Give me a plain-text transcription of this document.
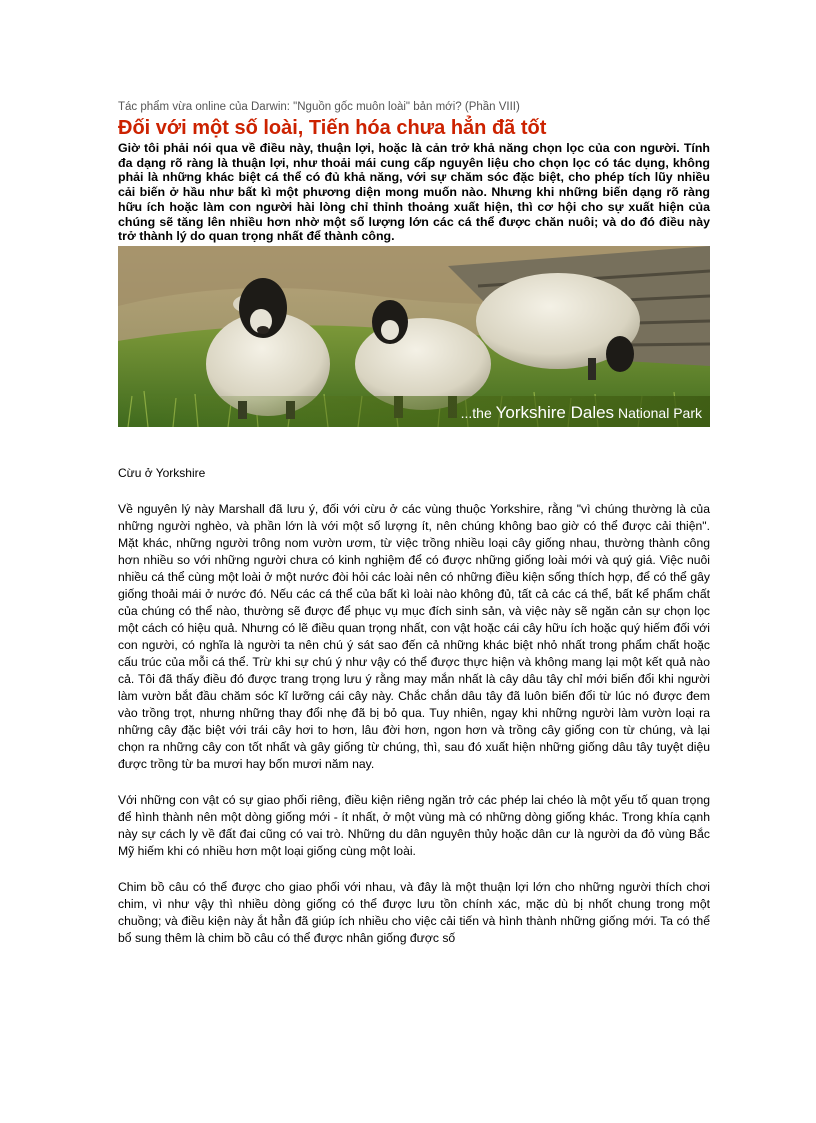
Tác phẩm vừa online của Darwin: "Nguồn gốc muôn loài" bản mới? (Phần VIII)
Đối với một số loài, Tiến hóa chưa hẳn đã tốt
Giờ tôi phải nói qua về điều này, thuận lợi, hoặc là cản trở khả năng chọn lọc của con người. Tính đa dạng rõ ràng là thuận lợi, như thoải mái cung cấp nguyên liệu cho chọn lọc có tác dụng, không phải là những khác biệt cá thể có đủ khả năng, với sự chăm sóc đặc biệt, cho phép tích lũy nhiều cải biến ở hầu như bất kì một phương diện mong muốn nào. Nhưng khi những biến dạng rõ ràng hữu ích hoặc làm con người hài lòng chỉ thỉnh thoảng xuất hiện, thì cơ hội cho sự xuất hiện của chúng sẽ tăng lên nhiều hơn nhờ một số lượng lớn các cá thể được chăn nuôi; và do đó điều này trở thành lý do quan trọng nhất để thành công.
...the Yorkshire Dales National Park
Cừu ở Yorkshire
Về nguyên lý này Marshall đã lưu ý, đối với cừu ở các vùng thuộc Yorkshire, rằng "vì chúng thường là của những người nghèo, và phần lớn là với một số lượng ít, nên chúng không bao giờ có thể được cải thiện". Mặt khác, những người trông nom vườn ươm, từ việc trồng nhiều loại cây giống nhau, thường thành công hơn nhiều so với những người chưa có kinh nghiệm để có được những giống loài mới và quý giá. Việc nuôi nhiều cá thể cùng một loài ở một nước đòi hỏi các loài nên có những điều kiện sống thích hợp, để có thể gây giống thoải mái ở nước đó. Nếu các cá thể của bất kì loài nào không đủ, tất cả các cá thể, bất kể phẩm chất của chúng có thể nào, thường sẽ được để phục vụ mục đích sinh sản, và việc này sẽ ngăn cản sự chọn lọc một cách có hiệu quả. Nhưng có lẽ điều quan trọng nhất, con vật hoặc cái cây hữu ích hoặc quý hiếm đối với con người, có nghĩa là người ta nên chú ý sát sao đến cả những khác biệt nhỏ nhất trong phẩm chất hoặc cấu trúc của mỗi cá thể. Trừ khi sự chú ý như vậy có thể được thực hiện và không mang lại một kết quả nào cả. Tôi đã thấy điều đó được trang trọng lưu ý rằng may mắn nhất là cây dâu tây chỉ mới biến đổi khi người làm vườn bắt đầu chăm sóc kĩ lưỡng cái cây này. Chắc chắn dâu tây đã luôn biến đổi từ lúc nó được đem vào trồng trọt, nhưng những thay đổi nhẹ đã bị bỏ qua. Tuy nhiên, ngay khi những người làm vườn loại ra những cây đặc biệt với trái cây hơi to hơn, lâu đời hơn, ngon hơn và trồng cây giống con từ chúng, và lại chọn ra những cây con tốt nhất và gây giống từ chúng, thì, sau đó xuất hiện những giống dâu tây tuyệt diệu được trồng từ ba mươi hay bốn mươi năm nay.
Với những con vật có sự giao phối riêng, điều kiện riêng ngăn trở các phép lai chéo là một yếu tố quan trọng để hình thành nên một dòng giống mới - ít nhất, ở một vùng mà có những dòng giống khác. Trong khía cạnh này sự cách ly về đất đai cũng có vai trò. Những du dân nguyên thủy hoặc dân cư là người da đỏ vùng Bắc Mỹ hiếm khi có nhiều hơn một loại giống cùng một loài.
Chim bồ câu có thể được cho giao phối với nhau, và đây là một thuận lợi lớn cho những người thích chơi chim, vì như vậy thì nhiều dòng giống có thể được lưu tồn chính xác, mặc dù bị nhốt chung trong một chuồng; và điều kiện này ắt hẳn đã giúp ích nhiều cho việc cải tiến và hình thành những giống mới. Ta có thể bổ sung thêm là chim bồ câu có thể được nhân giống được số
